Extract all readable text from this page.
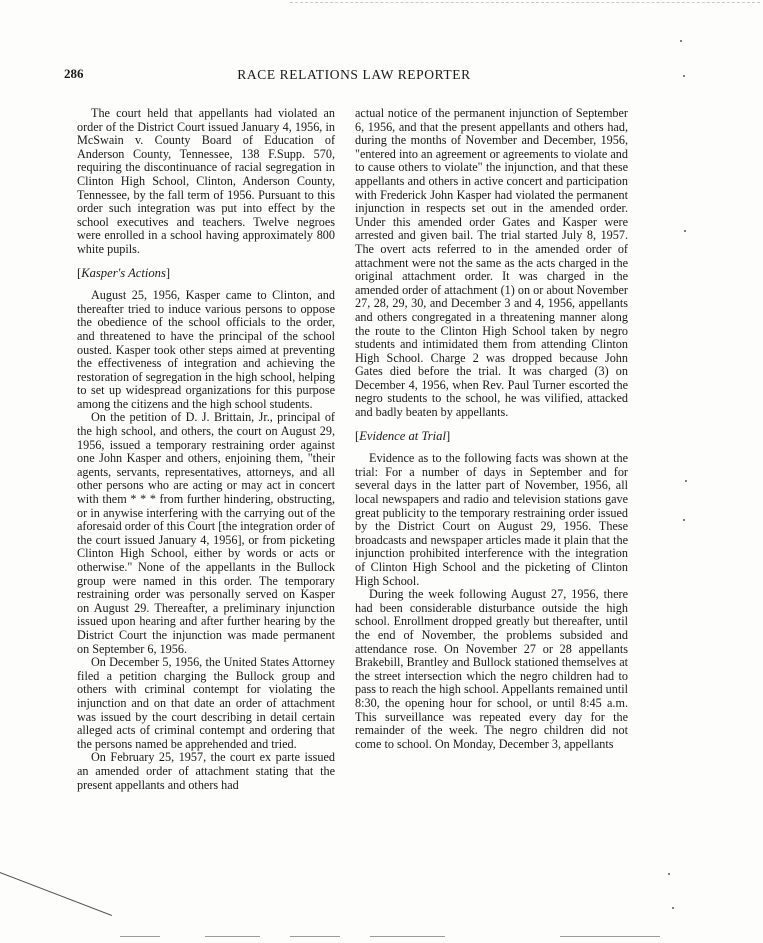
286	RACE RELATIONS LAW REPORTER

The court held that appellants had violated an order of the District Court issued January 4, 1956, in McSwain v. County Board of Education of Anderson County, Tennessee, 138 F.Supp. 570, requiring the discontinuance of racial segregation in Clinton High School, Clinton, Anderson County, Tennessee, by the fall term of 1956. Pursuant to this order such integration was put into effect by the school executives and teachers. Twelve negroes were enrolled in a school having approximately 800 white pupils.

[Kasper's Actions]

August 25, 1956, Kasper came to Clinton, and thereafter tried to induce various persons to oppose the obedience of the school officials to the order, and threatened to have the principal of the school ousted. Kasper took other steps aimed at preventing the effectiveness of integration and achieving the restoration of segregation in the high school, helping to set up widespread organizations for this purpose among the citizens and the high school students.

On the petition of D. J. Brittain, Jr., principal of the high school, and others, the court on August 29, 1956, issued a temporary restraining order against one John Kasper and others, enjoining them, "their agents, servants, representatives, attorneys, and all other persons who are acting or may act in concert with them * * * from further hindering, obstructing, or in anywise interfering with the carrying out of the aforesaid order of this Court [the integration order of the court issued January 4, 1956], or from picketing Clinton High School, either by words or acts or otherwise." None of the appellants in the Bullock group were named in this order. The temporary restraining order was personally served on Kasper on August 29. Thereafter, a preliminary injunction issued upon hearing and after further hearing by the District Court the injunction was made permanent on September 6, 1956.

On December 5, 1956, the United States Attorney filed a petition charging the Bullock group and others with criminal contempt for violating the injunction and on that date an order of attachment was issued by the court describing in detail certain alleged acts of criminal contempt and ordering that the persons named be apprehended and tried.

On February 25, 1957, the court ex parte issued an amended order of attachment stating that the present appellants and others had

actual notice of the permanent injunction of September 6, 1956, and that the present appellants and others had, during the months of November and December, 1956, "entered into an agreement or agreements to violate and to cause others to violate" the injunction, and that these appellants and others in active concert and participation with Frederick John Kasper had violated the permanent injunction in respects set out in the amended order. Under this amended order Gates and Kasper were arrested and given bail. The trial started July 8, 1957. The overt acts referred to in the amended order of attachment were not the same as the acts charged in the original attachment order. It was charged in the amended order of attachment (1) on or about November 27, 28, 29, 30, and December 3 and 4, 1956, appellants and others congregated in a threatening manner along the route to the Clinton High School taken by negro students and intimidated them from attending Clinton High School. Charge 2 was dropped because John Gates died before the trial. It was charged (3) on December 4, 1956, when Rev. Paul Turner escorted the negro students to the school, he was vilified, attacked and badly beaten by appellants.

[Evidence at Trial]

Evidence as to the following facts was shown at the trial: For a number of days in September and for several days in the latter part of November, 1956, all local newspapers and radio and television stations gave great publicity to the temporary restraining order issued by the District Court on August 29, 1956. These broadcasts and newspaper articles made it plain that the injunction prohibited interference with the integration of Clinton High School and the picketing of Clinton High School.

During the week following August 27, 1956, there had been considerable disturbance outside the high school. Enrollment dropped greatly but thereafter, until the end of November, the problems subsided and attendance rose. On November 27 or 28 appellants Brakebill, Brantley and Bullock stationed themselves at the street intersection which the negro children had to pass to reach the high school. Appellants remained until 8:30, the opening hour for school, or until 8:45 a.m. This surveillance was repeated every day for the remainder of the week. The negro children did not come to school. On Monday, December 3, appellants
